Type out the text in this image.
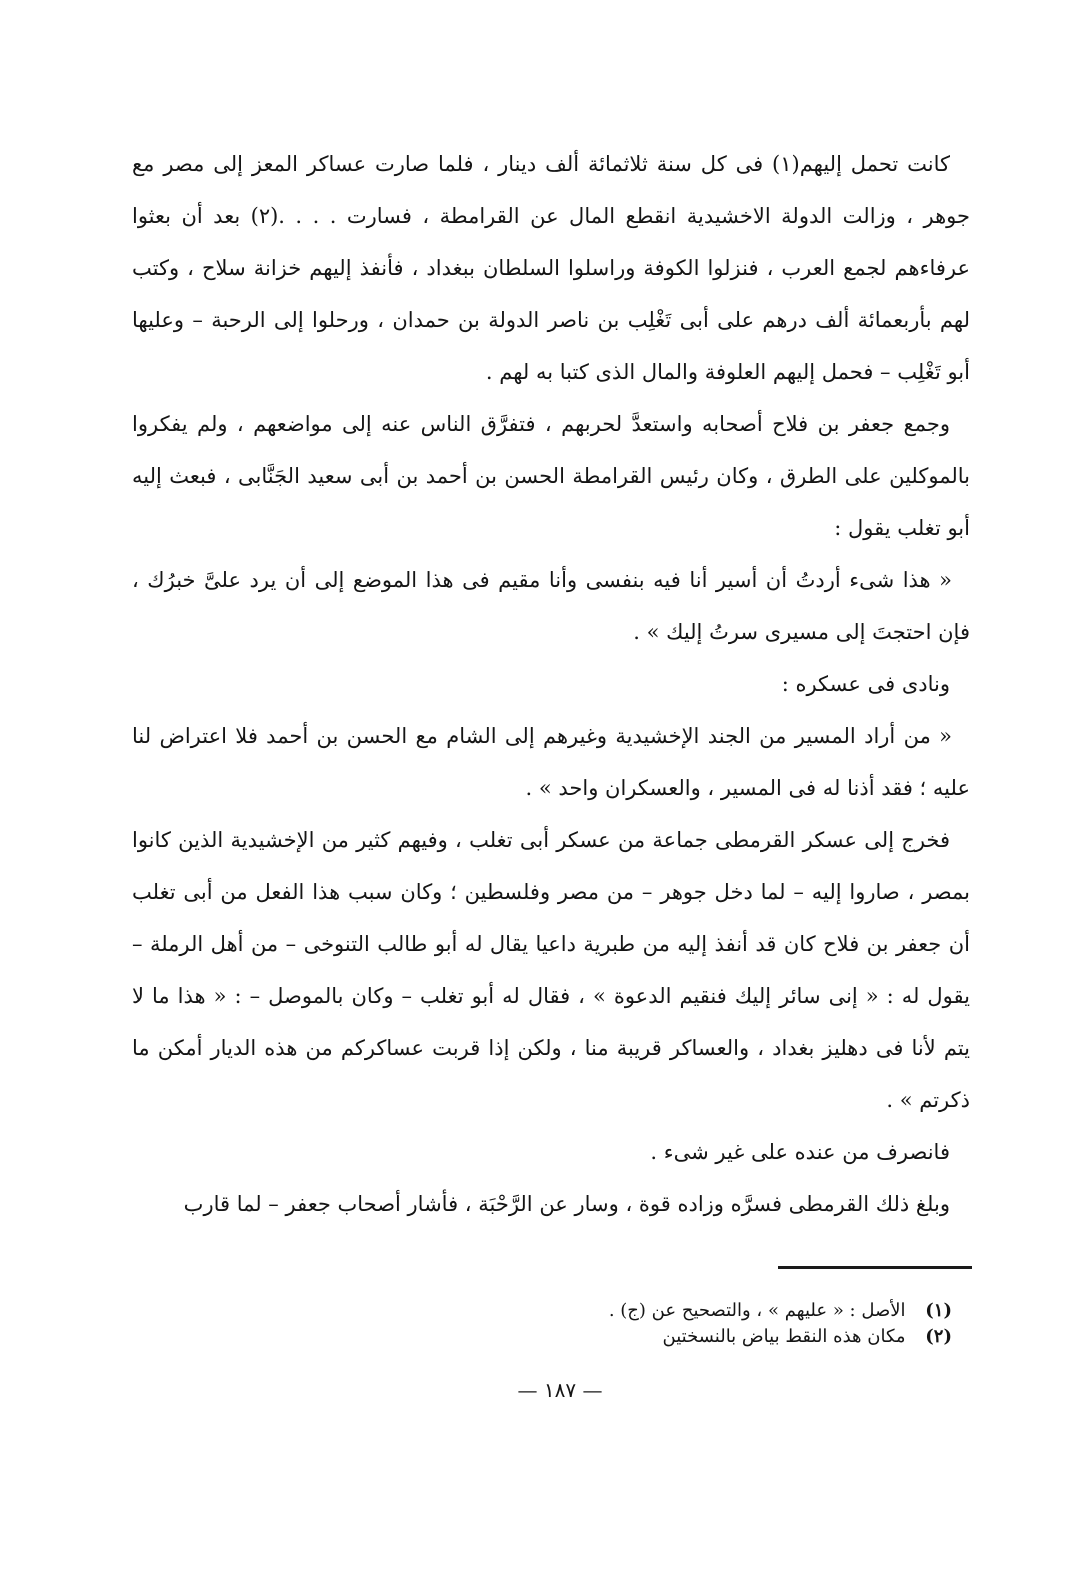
كانت تحمل إليهم(١) فى كل سنة ثلاثمائة ألف دينار ، فلما صارت عساكر المعز إلى مصر مع جوهر ، وزالت الدولة الاخشيدية انقطع المال عن القرامطة ، فسارت . . . .(٢) بعد أن بعثوا عرفاءهم لجمع العرب ، فنزلوا الكوفة وراسلوا السلطان ببغداد ، فأنفذ إليهم خزانة سلاح ، وكتب لهم بأربعمائة ألف درهم على أبى تَغْلِب بن ناصر الدولة بن حمدان ، ورحلوا إلى الرحبة – وعليها أبو تَغْلِب – فحمل إليهم العلوفة والمال الذى كتبا به لهم .

وجمع جعفر بن فلاح أصحابه واستعدَّ لحربهم ، فتفرَّق الناس عنه إلى مواضعهم ، ولم يفكروا بالموكلين على الطرق ، وكان رئيس القرامطة الحسن بن أحمد بن أبى سعيد الجَنَّابى ، فبعث إليه أبو تغلب يقول :

« هذا شىء أردتُ أن أسير أنا فيه بنفسى وأنا مقيم فى هذا الموضع إلى أن يرد علىَّ خبرُك ، فإن احتجتَ إلى مسيرى سرتُ إليك » .

ونادى فى عسكره :

« من أراد المسير من الجند الإخشيدية وغيرهم إلى الشام مع الحسن بن أحمد فلا اعتراض لنا عليه ؛ فقد أذنا له فى المسير ، والعسكران واحد » .

فخرج إلى عسكر القرمطى جماعة من عسكر أبى تغلب ، وفيهم كثير من الإخشيدية الذين كانوا بمصر ، صاروا إليه – لما دخل جوهر – من مصر وفلسطين ؛ وكان سبب هذا الفعل من أبى تغلب أن جعفر بن فلاح كان قد أنفذ إليه من طبرية داعيا يقال له أبو طالب التنوخى – من أهل الرملة – يقول له : « إنى سائر إليك فنقيم الدعوة » ، فقال له أبو تغلب – وكان بالموصل – : « هذا ما لا يتم لأنا فى دهليز بغداد ، والعساكر قريبة منا ، ولكن إذا قربت عساكركم من هذه الديار أمكن ما ذكرتم » .

فانصرف من عنده على غير شىء .

وبلغ ذلك القرمطى فسرَّه وزاده قوة ، وسار عن الرَّحْبَة ، فأشار أصحاب جعفر – لما قارب

(١) الأصل : « عليهم » ، والتصحيح عن (ج) .

(٢) مكان هذه النقط بياض بالنسختين

— ١٨٧ —
